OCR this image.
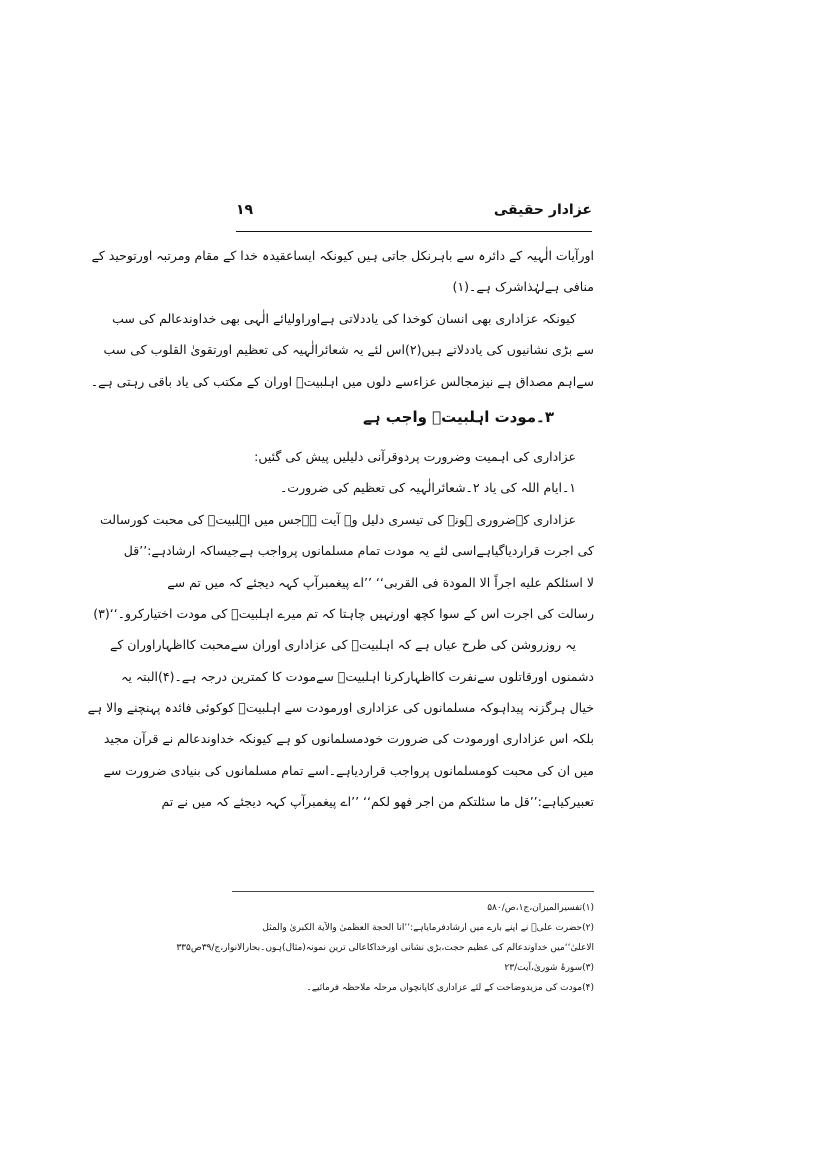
عزادار حقیقی
۱۹
اورآیات الٰہیہ کے دائرہ سے باہرنکل جاتی ہیں کیونکہ ایساعقیدہ خدا کے مقام ومرتبہ اورتوحید کے
منافی ہےلہٰذاشرک ہے۔(۱)
کیونکہ عزاداری بھی انسان کوخدا کی یاددلاتی ہےاوراولیائے الٰہی بھی خداوندعالم کی سب
سے بڑی نشانیوں کی یاددلاتے ہیں(۲)اس لئے یہ شعائرالٰہیہ کی تعظیم اورتقویٰ القلوب کی سب
سےاہم مصداق ہے نیزمجالس عزاءسے دلوں میں اہلبیتؑ اوران کے مکتب کی یاد باقی رہتی ہے۔
۳۔مودت اہلبیتؑ واجب ہے
عزاداری کی اہمیت وضرورت پردوقرآنی دلیلیں پیش کی گئیں:
۱۔ایام اللہ کی یاد ۲۔شعائرالٰہیہ کی تعظیم کی ضرورت۔
عزاداری کےضروری ہونے کی تیسری دلیل وہ آیت ہےجس میں اہلبیتؑ کی محبت کورسالت
کی اجرت قراردیاگیاہےاسی لئے یہ مودت تمام مسلمانوں پرواجب ہےجیساکہ ارشادہے:’’قل
لا اسئلکم علیه اجراً الا المودة فی القربی‘‘ ’’اے پیغمبرآپ کہہ دیجئے کہ میں تم سے
رسالت کی اجرت اس کے سوا کچھ اورنہیں چاہتا کہ تم میرے اہلبیتؑ کی مودت اختیارکرو۔‘‘(۳)
یہ روزروشن کی طرح عیاں ہے کہ اہلبیتؑ کی عزاداری اوران سےمحبت کااظہاراوران کے
دشمنوں اورقاتلوں سےنفرت کااظہارکرنا اہلبیتؑ سےمودت کا کمترین درجہ ہے۔(۴)البتہ یہ
خیال ہرگزنہ پیداہوکہ مسلمانوں کی عزاداری اورمودت سے اہلبیتؑ کوکوئی فائدہ پہنچنے والا ہے
بلکہ اس عزاداری اورمودت کی ضرورت خودمسلمانوں کو ہے کیونکہ خداوندعالم نے قرآن مجید
میں ان کی محبت کومسلمانوں پرواجب قراردیاہے۔اسے تمام مسلمانوں کی بنیادی ضرورت سے
تعبیرکیاہے:’’قل ما سئلتکم من اجر فهو لکم‘‘ ’’اے پیغمبرآپ کہہ دیجئے کہ میں نے تم
(۱)تفسیرالمیزان،ج۱،ص/۵۸۰
(۲)حضرت علیؑ نے اپنے بارے میں ارشادفرمایاہے:’’انا الحجة العظمیٰ والآية الکبریٰ والمثل
الاعلیٰ‘‘میں خداوندعالم کی عظیم حجت،بڑی نشانی اورخداکاعالی ترین نمونہ(مثال)ہوں۔بحارالانوار،ج/۳۹ص۳۳۵
(۳)سورۂ شوریٰ،آیت/۲۳
(۴)مودت کی مزیدوضاحت کے لئے عزاداری کاپانچواں مرحلہ ملاحظہ فرمائیے۔
